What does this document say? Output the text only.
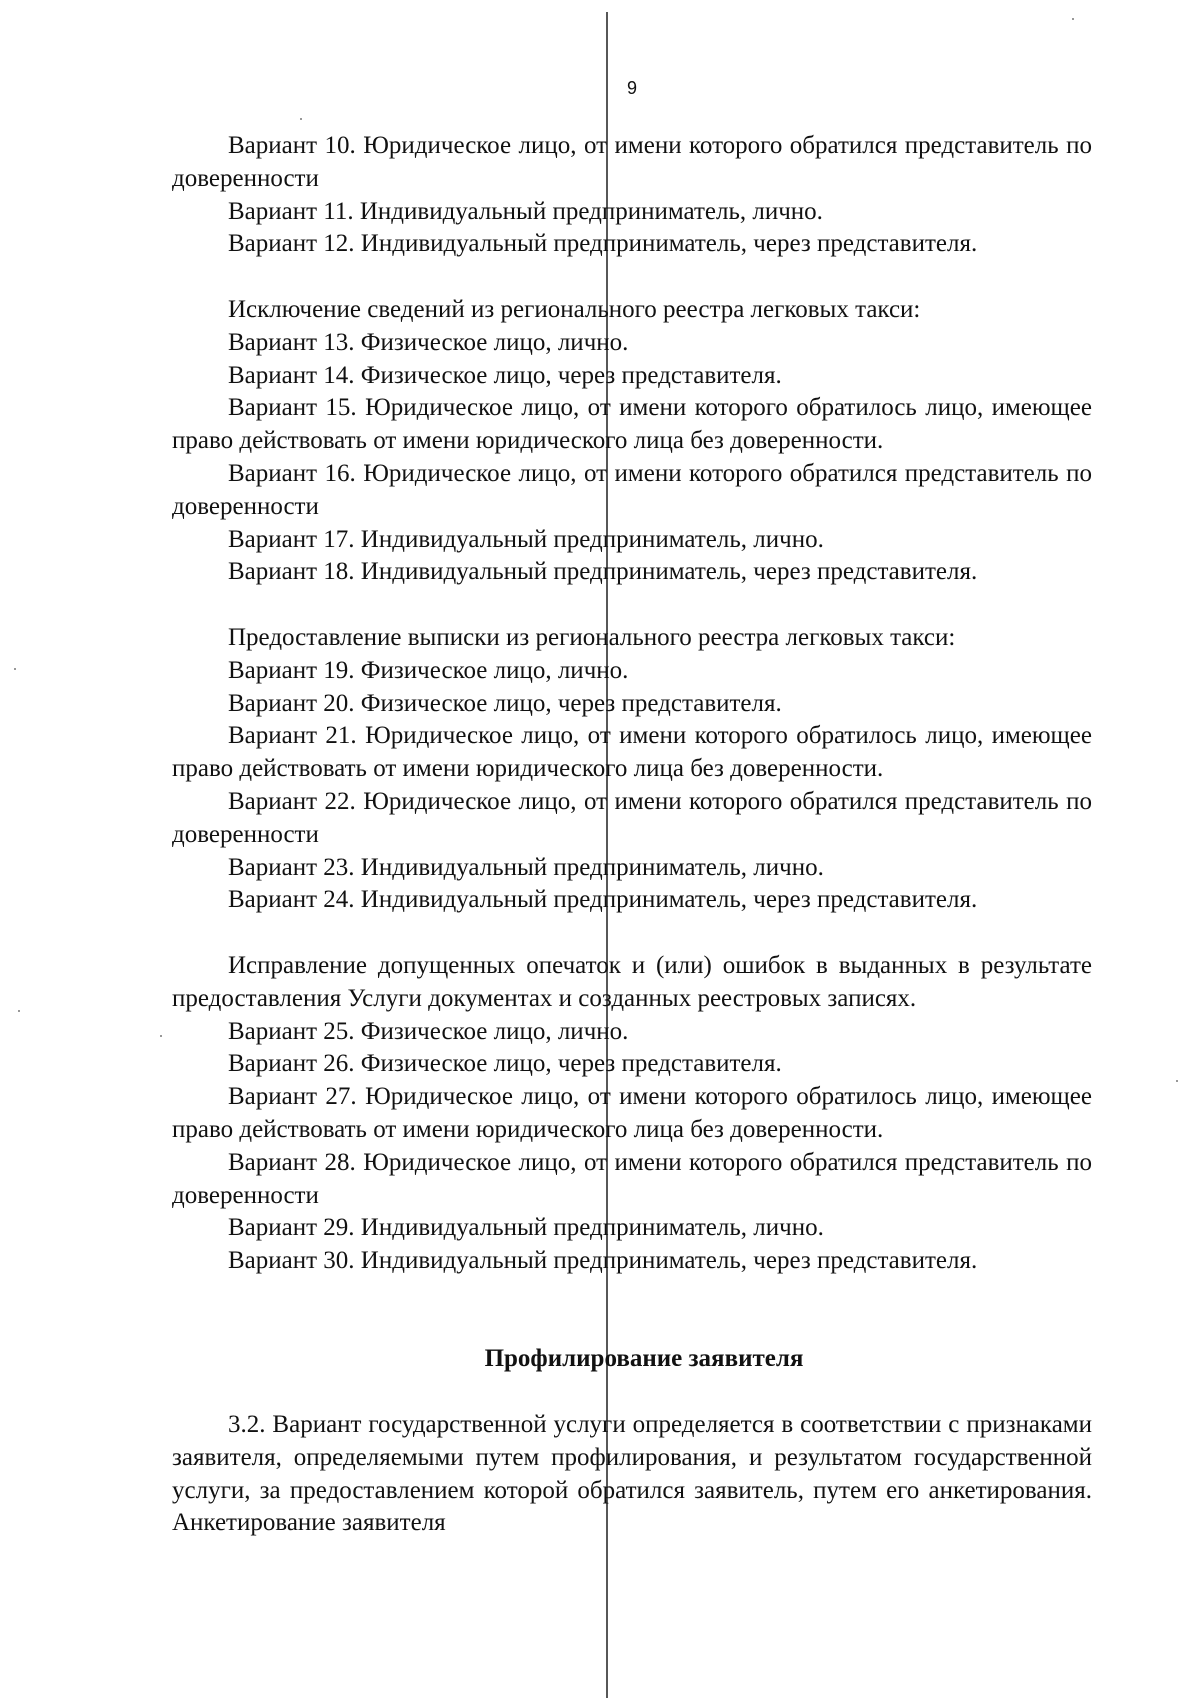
9

Вариант 10. Юридическое лицо, от имени которого обратился представитель по доверенности

Вариант 11. Индивидуальный предприниматель, лично.

Вариант 12. Индивидуальный предприниматель, через представителя.

Исключение сведений из регионального реестра легковых такси:

Вариант 13. Физическое лицо, лично.

Вариант 14. Физическое лицо, через представителя.

Вариант 15. Юридическое лицо, от имени которого обратилось лицо, имеющее право действовать от имени юридического лица без доверенности.

Вариант 16. Юридическое лицо, от имени которого обратился представитель по доверенности

Вариант 17. Индивидуальный предприниматель, лично.

Вариант 18. Индивидуальный предприниматель, через представителя.

Предоставление выписки из регионального реестра легковых такси:

Вариант 19. Физическое лицо, лично.

Вариант 20. Физическое лицо, через представителя.

Вариант 21. Юридическое лицо, от имени которого обратилось лицо, имеющее право действовать от имени юридического лица без доверенности.

Вариант 22. Юридическое лицо, от имени которого обратился представитель по доверенности

Вариант 23. Индивидуальный предприниматель, лично.

Вариант 24. Индивидуальный предприниматель, через представителя.

Исправление допущенных опечаток и (или) ошибок в выданных в результате предоставления Услуги документах и созданных реестровых записях.

Вариант 25. Физическое лицо, лично.

Вариант 26. Физическое лицо, через представителя.

Вариант 27. Юридическое лицо, от имени которого обратилось лицо, имеющее право действовать от имени юридического лица без доверенности.

Вариант 28. Юридическое лицо, от имени которого обратился представитель по доверенности

Вариант 29. Индивидуальный предприниматель, лично.

Вариант 30. Индивидуальный предприниматель, через представителя.

Профилирование заявителя

3.2. Вариант государственной услуги определяется в соответствии с признаками заявителя, определяемыми путем профилирования, и результатом государственной услуги, за предоставлением которой обратился заявитель, путем его анкетирования. Анкетирование заявителя
